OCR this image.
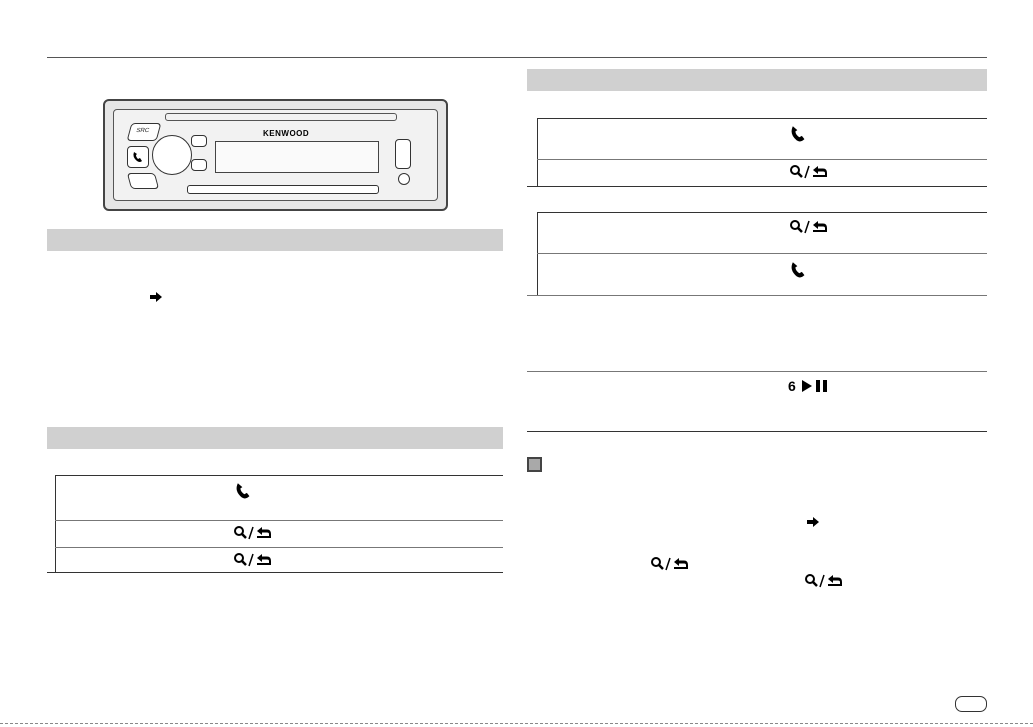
SRC	KENWOOD
6
